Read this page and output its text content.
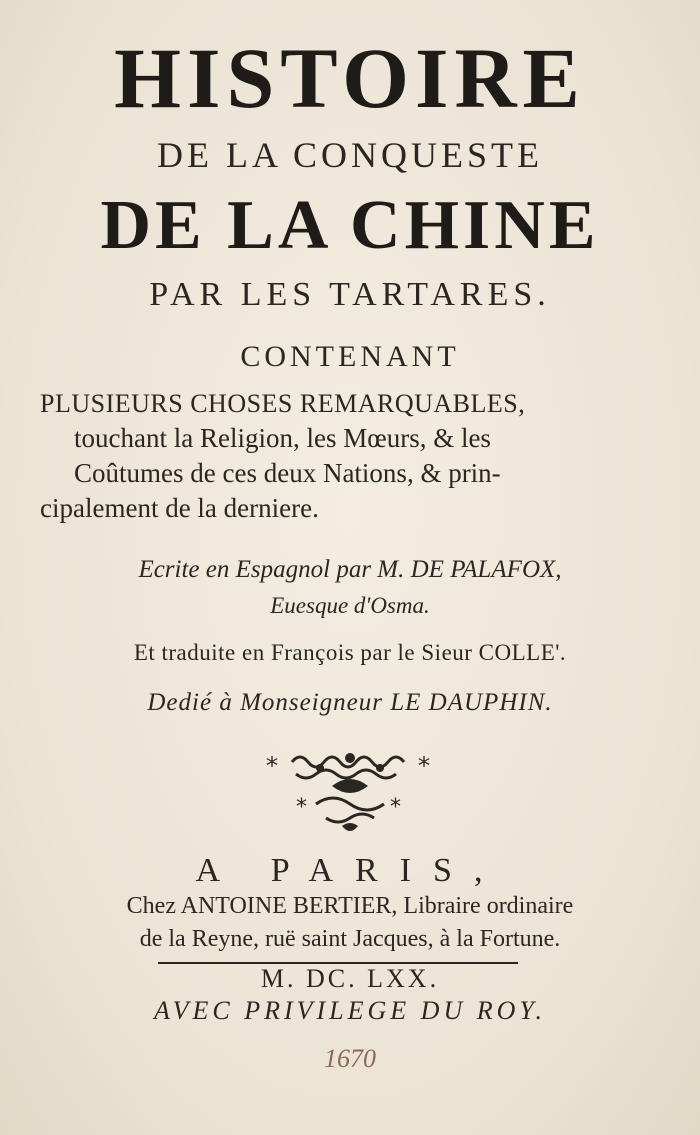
HISTOIRE
DE LA CONQUESTE
DE LA CHINE
PAR LES TARTARES.
CONTENANT
PLUSIEURS CHOSES REMARQUABLES,
touchant la Religion, les Mœurs, & les
Coûtumes de ces deux Nations, & prin-
cipalement de la derniere.
Ecrite en Espagnol par M. DE PALAFOX,
Euesque d'Osma.
Et traduite en François par le Sieur COLLE'.
Dedié à Monseigneur LE DAUPHIN.
*	*
*	*
A PARIS,
Chez ANTOINE BERTIER, Libraire ordinaire
de la Reyne, ruë saint Jacques, à la Fortune.
M. DC. LXX.
AVEC PRIVILEGE DU ROY.
1670
